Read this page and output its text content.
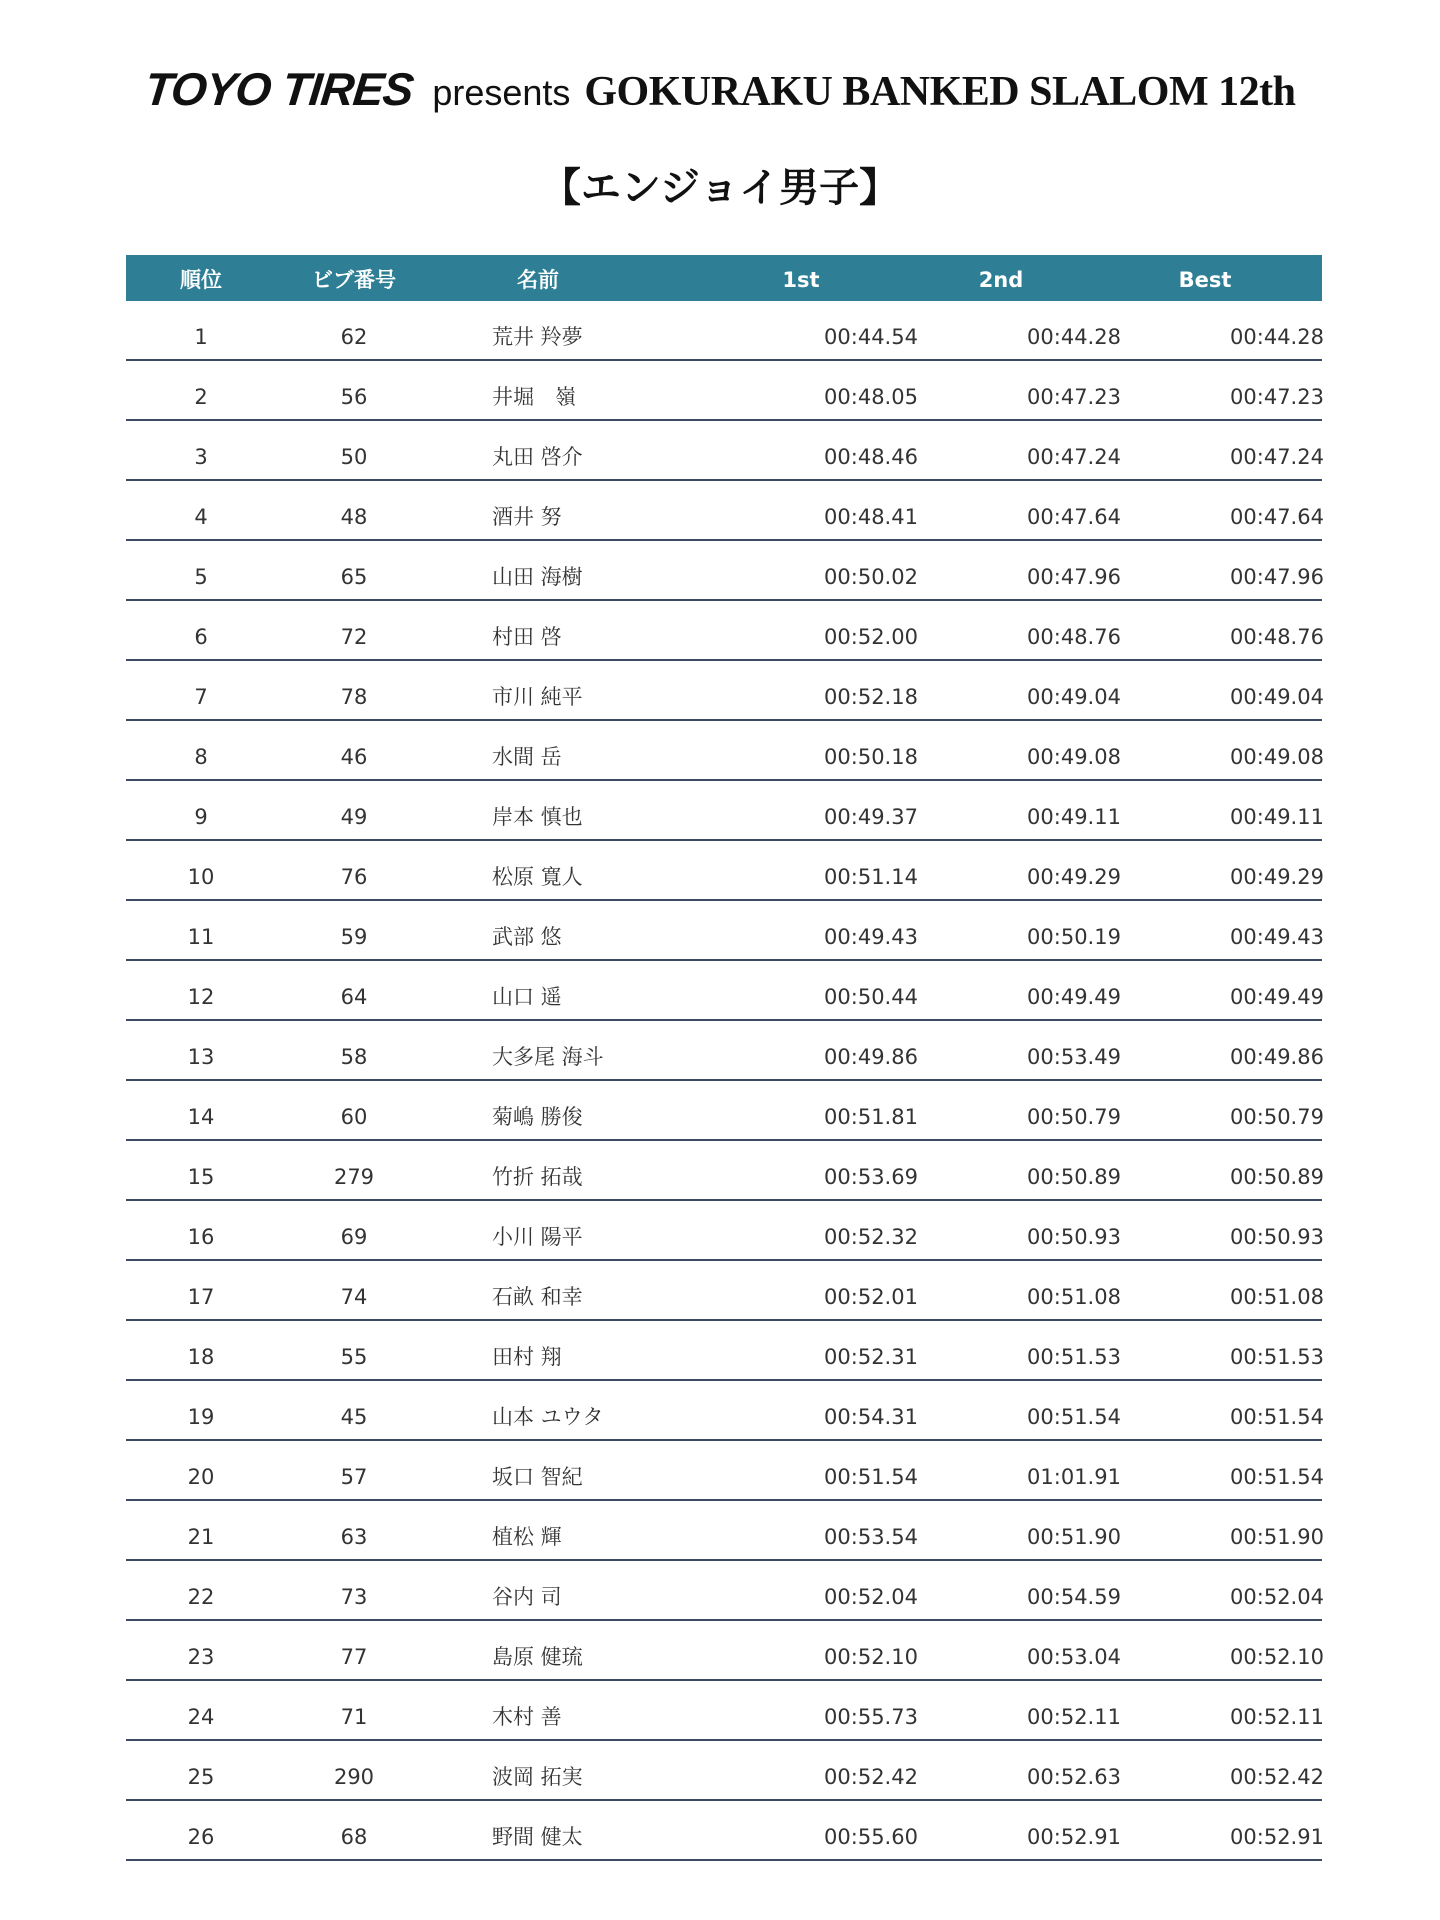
TOYO TIRES presents GOKURAKU BANKED SLALOM 12th
【エンジョイ男子】
順位	ビブ番号	名前	1st	2nd	Best
1	62	荒井 羚夢	00:44.54	00:44.28	00:44.28
2	56	井堀　嶺	00:48.05	00:47.23	00:47.23
3	50	丸田 啓介	00:48.46	00:47.24	00:47.24
4	48	酒井 努	00:48.41	00:47.64	00:47.64
5	65	山田 海樹	00:50.02	00:47.96	00:47.96
6	72	村田 啓	00:52.00	00:48.76	00:48.76
7	78	市川 純平	00:52.18	00:49.04	00:49.04
8	46	水間 岳	00:50.18	00:49.08	00:49.08
9	49	岸本 慎也	00:49.37	00:49.11	00:49.11
10	76	松原 寛人	00:51.14	00:49.29	00:49.29
11	59	武部 悠	00:49.43	00:50.19	00:49.43
12	64	山口 遥	00:50.44	00:49.49	00:49.49
13	58	大多尾 海斗	00:49.86	00:53.49	00:49.86
14	60	菊嶋 勝俊	00:51.81	00:50.79	00:50.79
15	279	竹折 拓哉	00:53.69	00:50.89	00:50.89
16	69	小川 陽平	00:52.32	00:50.93	00:50.93
17	74	石畝 和幸	00:52.01	00:51.08	00:51.08
18	55	田村 翔	00:52.31	00:51.53	00:51.53
19	45	山本 ユウタ	00:54.31	00:51.54	00:51.54
20	57	坂口 智紀	00:51.54	01:01.91	00:51.54
21	63	植松 輝	00:53.54	00:51.90	00:51.90
22	73	谷内 司	00:52.04	00:54.59	00:52.04
23	77	島原 健琉	00:52.10	00:53.04	00:52.10
24	71	木村 善	00:55.73	00:52.11	00:52.11
25	290	波岡 拓実	00:52.42	00:52.63	00:52.42
26	68	野間 健太	00:55.60	00:52.91	00:52.91
